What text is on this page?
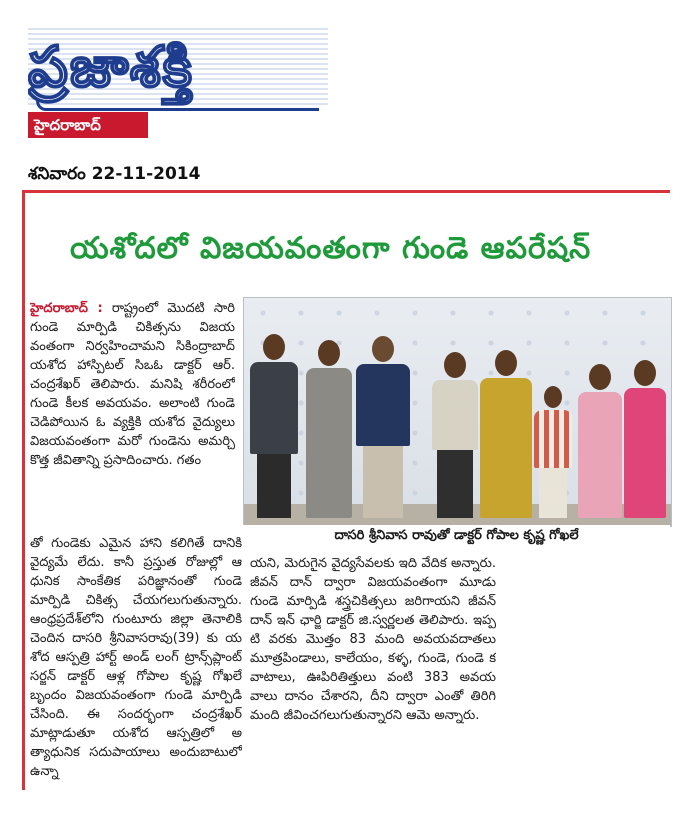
ప్రజాశక్తి
హైదరాబాద్
శనివారం 22-11-2014
యశోదలో విజయవంతంగా గుండె ఆపరేషన్
హైదరాబాద్ : రాష్ట్రంలో మొదటి సారి గుండె మార్పిడి చికిత్సను విజయవంతంగా నిర్వహించామని సికింద్రాబాద్ యశోద హాస్పిటల్ సిఒఓ డాక్టర్ ఆర్. చంద్రశేఖర్ తెలిపారు. మనిషి శరీరంలో గుండె కీలక అవయవం. అలాంటి గుండె చెడిపోయిన ఓ వ్యక్తికి యశోద వైద్యులు విజయవంతంగా మరో గుండెను అమర్చి కొత్త జీవితాన్ని ప్రసాదించారు. గతం
దాసరి శ్రీనివాస రావుతో డాక్టర్ గోపాల కృష్ణ గోఖలే
తో గుండెకు ఎమైన హాని కలిగితే దానికి వైద్యమే లేదు. కానీ ప్రస్తుత రోజుల్లో ఆధునిక సాంకేతిక పరిజ్ఞానంతో గుండె మార్పిడి చికిత్స చేయగలుగుతున్నారు. ఆంధ్రప్రదేశ్‌లోని గుంటూరు జిల్లా తెనాలికి చెందిన దాసరి శ్రీనివాసరావు(39) కు యశోద ఆస్పత్రి హార్ట్ అండ్ లంగ్ ట్రాన్స్‌ప్లాంట్ సర్జన్ డాక్టర్ ఆళ్ల గోపాల కృష్ణ గోఖలే బృందం విజయవంతంగా గుండె మార్పిడి చేసింది. ఈ సందర్భంగా చంద్రశేఖర్ మాట్లాడుతూ యశోద ఆస్పత్రిలో అత్యాధునిక సదుపాయాలు అందుబాటులో ఉన్నా
యని, మెరుగైన వైద్యసేవలకు ఇది వేదిక అన్నారు. జీవన్ దాన్ ద్వారా విజయవంతంగా మూడు గుండె మార్పిడి శస్త్రచికిత్సలు జరిగాయని జీవన్ దాన్ ఇన్ ఛార్జి డాక్టర్ జి.స్వర్ణలత తెలిపారు. ఇప్పటి వరకు మొత్తం 83 మంది అవయవదాతలు మూత్రపిండాలు, కాలేయం, కళ్ళ, గుండె, గుండె కవాటాలు, ఊపిరితిత్తులు వంటి 383 అవయవాలు దానం చేశారని, దీని ద్వారా ఎంతో తిరిగి మంది జీవించగలుగుతున్నారని ఆమె అన్నారు.
